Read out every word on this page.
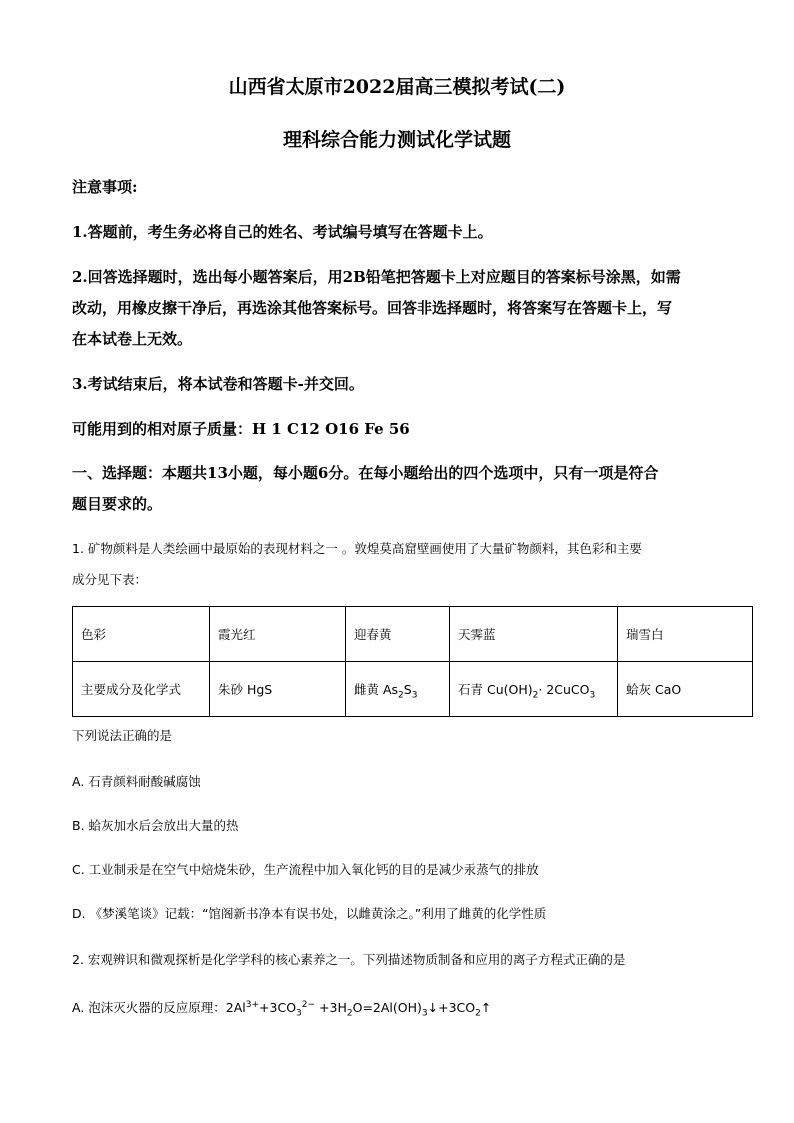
山西省太原市2022届高三模拟考试(二)
理科综合能力测试化学试题
注意事项:
1.答题前，考生务必将自己的姓名、考试编号填写在答题卡上。
2.回答选择题时，选出每小题答案后，用2B铅笔把答题卡上对应题目的答案标号涂黑，如需
改动，用橡皮擦干净后，再选涂其他答案标号。回答非选择题时，将答案写在答题卡上，写
在本试卷上无效。
3.考试结束后，将本试卷和答题卡-并交回。
可能用到的相对原子质量：H 1 C12 O16 Fe 56
一、选择题：本题共13小题，每小题6分。在每小题给出的四个选项中，只有一项是符合
题目要求的。
1. 矿物颜料是人类绘画中最原始的表现材料之一 。敦煌莫高窟壁画使用了大量矿物颜料，其色彩和主要
成分见下表：
色彩	霞光红	迎春黄	天霁蓝	瑞雪白
主要成分及化学式	朱砂 HgS	雌黄 $As_2S_3$	石青 $Cu(OH)_2\cdot$ 2CuCO$_3$	蛤灰 CaO
下列说法正确的是
A. 石青颜料耐酸碱腐蚀
B. 蛤灰加水后会放出大量的热
C. 工业制汞是在空气中焙烧朱砂，生产流程中加入氧化钙的目的是减少汞蒸气的排放
D. 《梦溪笔谈》记载：“馆阁新书净本有误书处，以雌黄涂之。”利用了雌黄的化学性质
2. 宏观辨识和微观探析是化学学科的核心素养之一。下列描述物质制备和应用的离子方程式正确的是
A. 泡沫灭火器的反应原理：$2Al^{3+}+3CO_3^{2-}$ $+3H_2O=2Al(OH)_3↓+3CO_2↑$
